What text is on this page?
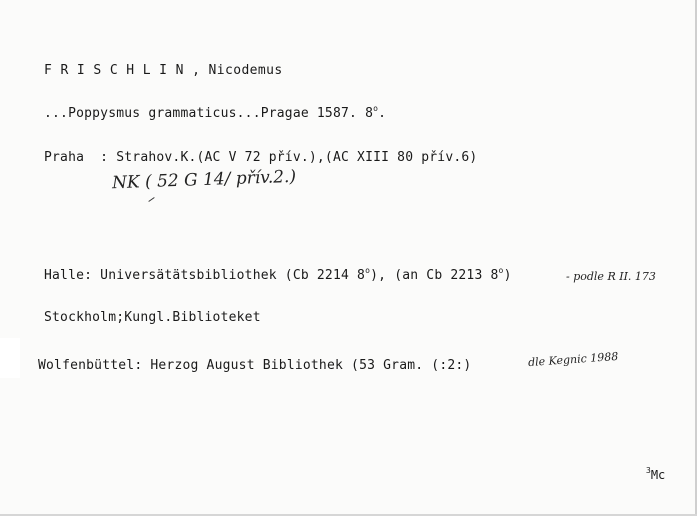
F R I S C H L I N , Nicodemus
...Poppysmus grammaticus...Pragae 1587. 8$^o$.
Praha  : Strahov.K.(AC V 72 přív.),(AC XIII 80 přív.6)
NK ( 52 G 14/ přív.2.)
Halle: Universätätsbibliothek (Cb 2214 8$^o$), (an Cb 2213 8$^o$)	- podle R II. 173
Stockholm;Kungl.Biblioteket
Wolfenbüttel: Herzog August Bibliothek (53 Gram. (:2:)	dle Kegnic 1988
$^3$Mc
